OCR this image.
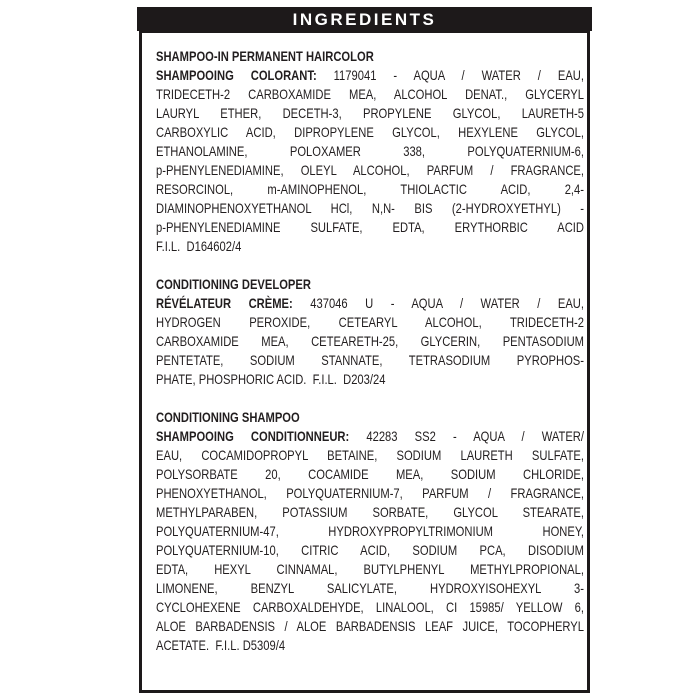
INGREDIENTS
SHAMPOO-IN PERMANENT HAIRCOLOR
SHAMPOOING COLORANT: 1179041 - AQUA / WATER / EAU,
TRIDECETH-2 CARBOXAMIDE MEA, ALCOHOL DENAT., GLYCERYL
LAURYL ETHER, DECETH-3, PROPYLENE GLYCOL, LAURETH-5
CARBOXYLIC ACID, DIPROPYLENE GLYCOL, HEXYLENE GLYCOL,
ETHANOLAMINE, POLOXAMER 338, POLYQUATERNIUM-6,
p-PHENYLENEDIAMINE, OLEYL ALCOHOL, PARFUM / FRAGRANCE,
RESORCINOL, m-AMINOPHENOL, THIOLACTIC ACID, 2,4-
DIAMINOPHENOXYETHANOL HCl, N,N- BIS (2-HYDROXYETHYL) -
p-PHENYLENEDIAMINE SULFATE, EDTA, ERYTHORBIC ACID
F.I.L.  D164602/4
CONDITIONING DEVELOPER
RÉVÉLATEUR CRÈME: 437046 U - AQUA / WATER / EAU,
HYDROGEN PEROXIDE, CETEARYL ALCOHOL, TRIDECETH-2
CARBOXAMIDE MEA, CETEARETH-25, GLYCERIN, PENTASODIUM
PENTETATE, SODIUM STANNATE, TETRASODIUM PYROPHOS-
PHATE, PHOSPHORIC ACID.  F.I.L.  D203/24
CONDITIONING SHAMPOO
SHAMPOOING CONDITIONNEUR: 42283 SS2 - AQUA / WATER/
EAU, COCAMIDOPROPYL BETAINE, SODIUM LAURETH SULFATE,
POLYSORBATE 20, COCAMIDE MEA, SODIUM CHLORIDE,
PHENOXYETHANOL, POLYQUATERNIUM-7, PARFUM / FRAGRANCE,
METHYLPARABEN, POTASSIUM SORBATE, GLYCOL STEARATE,
POLYQUATERNIUM-47, HYDROXYPROPYLTRIMONIUM HONEY,
POLYQUATERNIUM-10, CITRIC ACID, SODIUM PCA, DISODIUM
EDTA, HEXYL CINNAMAL, BUTYLPHENYL METHYLPROPIONAL,
LIMONENE, BENZYL SALICYLATE, HYDROXYISOHEXYL 3-
CYCLOHEXENE CARBOXALDEHYDE, LINALOOL, CI 15985/ YELLOW 6,
ALOE BARBADENSIS / ALOE BARBADENSIS LEAF JUICE, TOCOPHERYL
ACETATE.  F.I.L. D5309/4
